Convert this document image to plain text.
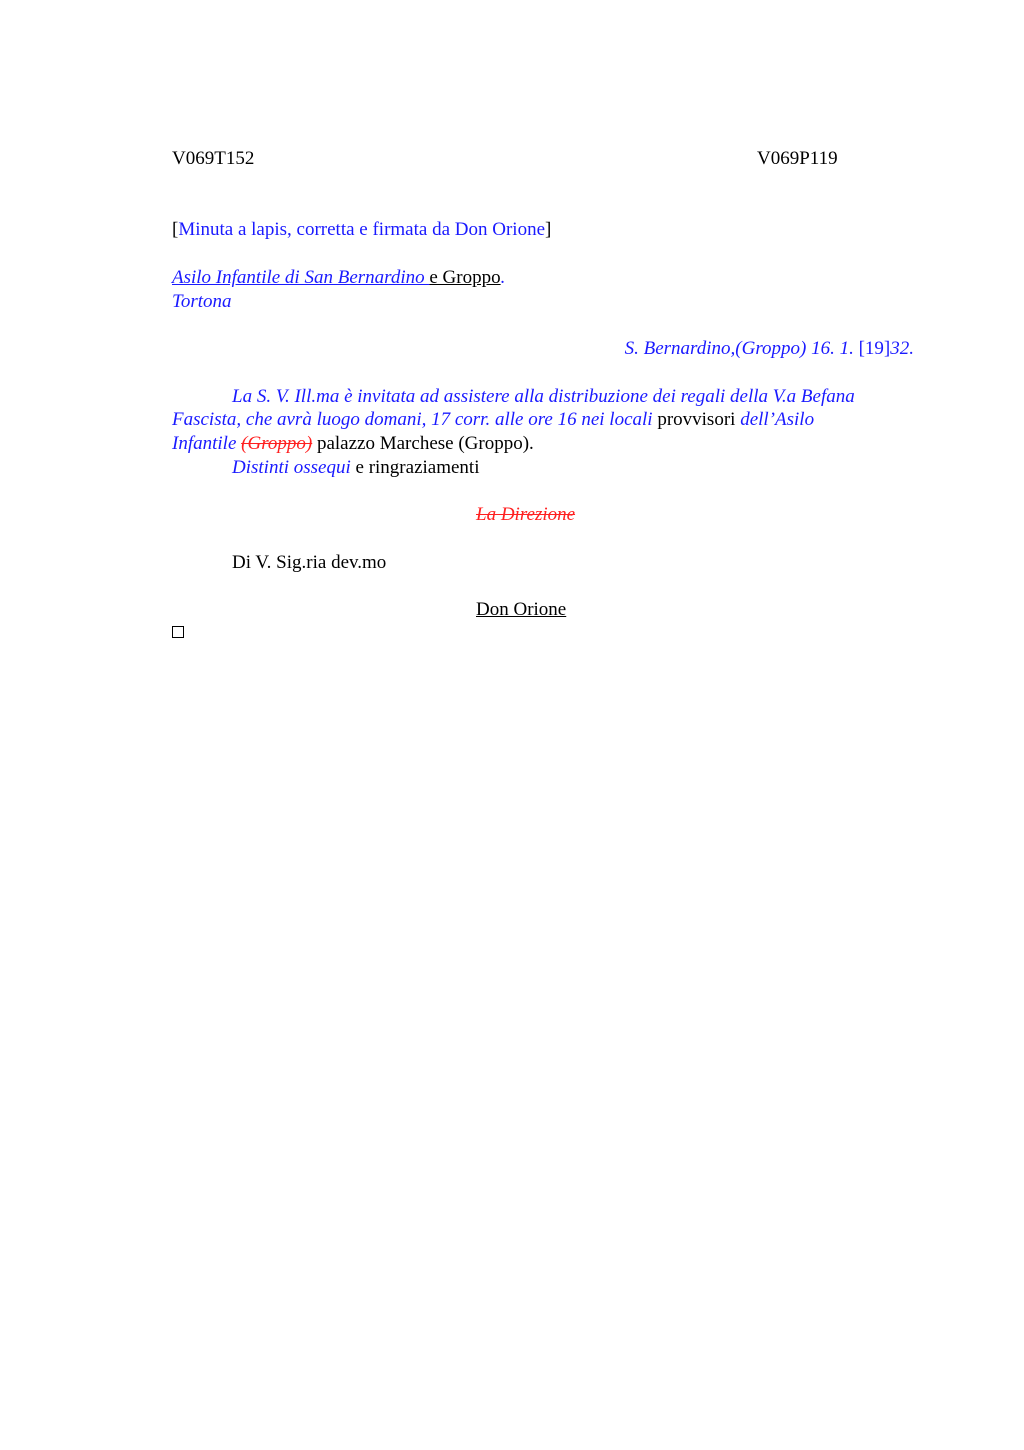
V069T152	V069P119
[Minuta a lapis, corretta e firmata da Don Orione]
Asilo Infantile di San Bernardino e Groppo.
Tortona
S. Bernardino,(Groppo) 16. 1. [19]32.
La S. V. Ill.ma è invitata ad assistere alla distribuzione dei regali della V.a Befana
Fascista, che avrà luogo domani, 17 corr. alle ore 16 nei locali provvisori dell’Asilo
Infantile (Groppo) palazzo Marchese (Groppo).
Distinti ossequi e ringraziamenti
La Direzione
Di V. Sig.ria dev.mo
Don Orione
